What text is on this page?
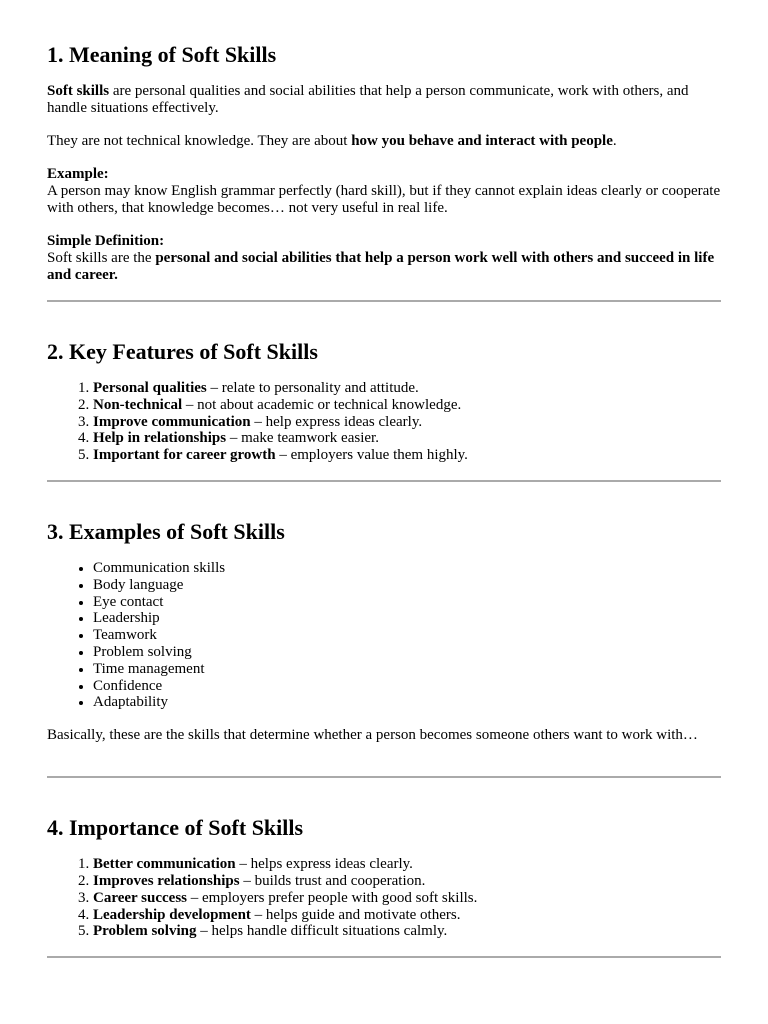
1. Meaning of Soft Skills

Soft skills are personal qualities and social abilities that help a person communicate, work with others, and handle situations effectively.

They are not technical knowledge. They are about how you behave and interact with people.

Example:

A person may know English grammar perfectly (hard skill), but if they cannot explain ideas clearly or cooperate with others, that knowledge becomes… not very useful in real life.

Simple Definition:

Soft skills are the personal and social abilities that help a person work well with others and succeed in life and career.

2. Key Features of Soft Skills
1. Personal qualities – relate to personality and attitude.
2. Non-technical – not about academic or technical knowledge.
3. Improve communication – help express ideas clearly.
4. Help in relationships – make teamwork easier.
5. Important for career growth – employers value them highly.
3. Examples of Soft Skills
• Communication skills
• Body language
• Eye contact
• Leadership
• Teamwork
• Problem solving
• Time management
• Confidence
• Adaptability

Basically, these are the skills that determine whether a person becomes someone others want to work with…

4. Importance of Soft Skills
1. Better communication – helps express ideas clearly.
2. Improves relationships – builds trust and cooperation.
3. Career success – employers prefer people with good soft skills.
4. Leadership development – helps guide and motivate others.
5. Problem solving – helps handle difficult situations calmly.
